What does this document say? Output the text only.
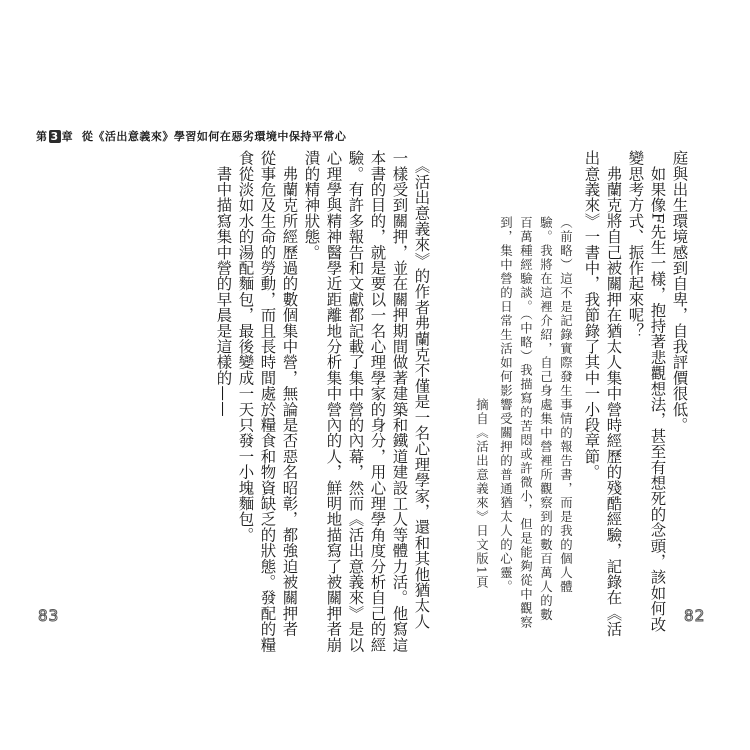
第 3 章 從《活出意義來》學習如何在惡劣環境中保持平常心
庭與出生環境感到自卑，自我評價很低。
　如果像F先生一樣，抱持著悲觀想法，甚至有想死的念頭，該如何改
變思考方式、振作起來呢？
　弗蘭克將自己被關押在猶太人集中營時經歷的殘酷經驗，記錄在《活
出意義來》一書中，我節錄了其中一小段章節。
（前略）這不是記錄實際發生事情的報告書，而是我的個人體
驗。我將在這裡介紹，自己身處集中營裡所觀察到的數百萬人的數
百萬種經驗談。（中略）我描寫的苦悶或許微小，但是能夠從中觀察
到，集中營的日常生活如何影響受關押的普通猶太人的心靈。
摘自《活出意義來》日文版1頁
82
　《活出意義來》的作者弗蘭克不僅是一名心理學家，還和其他猶太人
一樣受到關押，並在關押期間做著建築和鐵道建設工人等體力活。他寫這
本書的目的，就是要以一名心理學家的身分，用心理學角度分析自己的經
驗。有許多報告和文獻都記載了集中營的內幕，然而《活出意義來》是以
心理學與精神醫學近距離地分析集中營內的人，鮮明地描寫了被關押者崩
潰的精神狀態。
　弗蘭克所經歷過的數個集中營，無論是否惡名昭彰，都強迫被關押者
從事危及生命的勞動，而且長時間處於糧食和物資缺乏的狀態。發配的糧
食從淡如水的湯配麵包，最後變成一天只發一小塊麵包。
　書中描寫集中營的早晨是這樣的——
83
